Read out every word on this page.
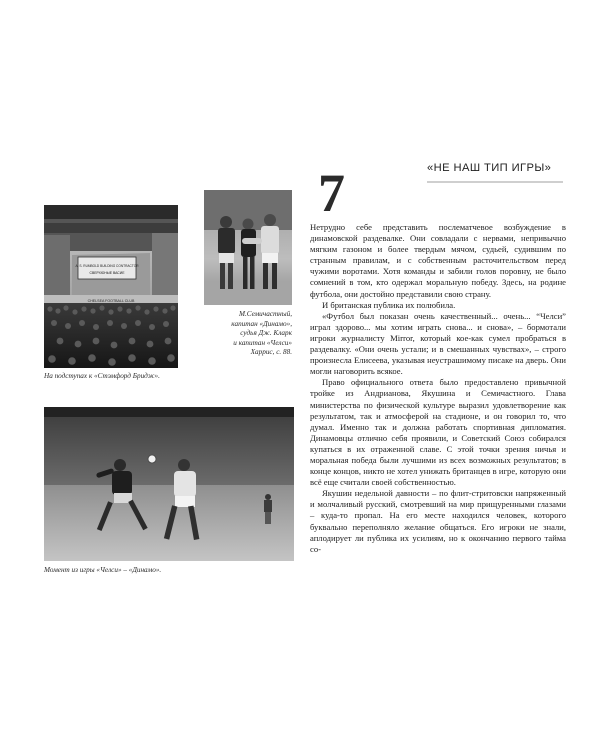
A. S. RUMBOLD BUILDING CONTRACTOR
СВЕРХЮНЫЕ ВАСИЕ
CHELSEA FOOTBALL CLUB

На подступах к «Стэмфорд Бридж».

М.Семичастный,
капитан «Динамо»,
судья Дж. Кларк
и капитан «Челси»
Харрис, с. 88.

Момент из игры «Челси» – «Динамо».

7	«НЕ НАШ ТИП ИГРЫ»

Нетрудно себе представить послематчевое возбуждение в динамовской раздевалке. Они совладали с нервами, непривычно мягким газоном и более твердым мячом, судьей, судившим по странным правилам, и с собственным расточительством перед чужими воротами. Хотя команды и забили голов поровну, не было сомнений в том, кто одержал моральную победу. Здесь, на родине футбола, они достойно представили свою страну.

И британская публика их полюбила.

«Футбол был показан очень качественный... очень... “Челси” играл здорово... мы хотим играть снова... и снова», – бормотали игроки журналисту Mirror, который кое-как сумел пробраться в раздевалку. «Они очень устали; и в смешанных чувствах», – строго произнесла Елисеева, указывая неустрашимому писаке на дверь. Они могли наговорить всякое.

Право официального ответа было предоставлено привычной тройке из Андрианова, Якушина и Семичастного. Глава министерства по физической культуре выразил удовлетворение как результатом, так и атмосферой на стадионе, и он говорил то, что думал. Именно так и должна работать спортивная дипломатия. Динамовцы отлично себя проявили, и Советский Союз собирался купаться в их отраженной славе. С этой точки зрения ничья и моральная победа были лучшими из всех возможных результатов; в конце концов, никто не хотел унижать британцев в игре, которую они всё еще считали своей собственностью.

Якушин недельной давности – по флит-стритовски напряженный и молчаливый русский, смотревший на мир прищуренными глазами – куда-то пропал. На его месте находился человек, которого буквально переполняло желание общаться. Его игроки не знали, аплодирует ли публика их усилиям, но к окончанию первого тайма со-
